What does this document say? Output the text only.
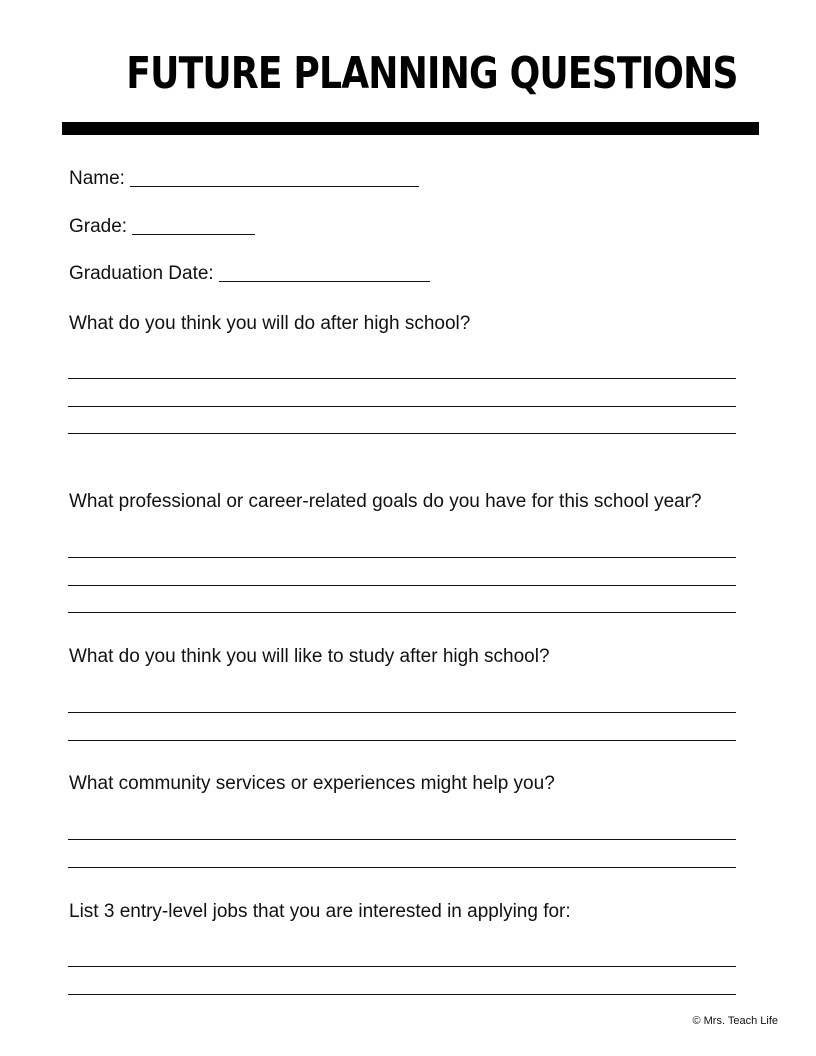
FUTURE PLANNING QUESTIONS
Name:
Grade:
Graduation Date:
What do you think you will do after high school?
What professional or career-related goals do you have for this school year?
What do you think you will like to study after high school?
What community services or experiences might help you?
List 3 entry-level jobs that you are interested in applying for:
© Mrs. Teach Life
